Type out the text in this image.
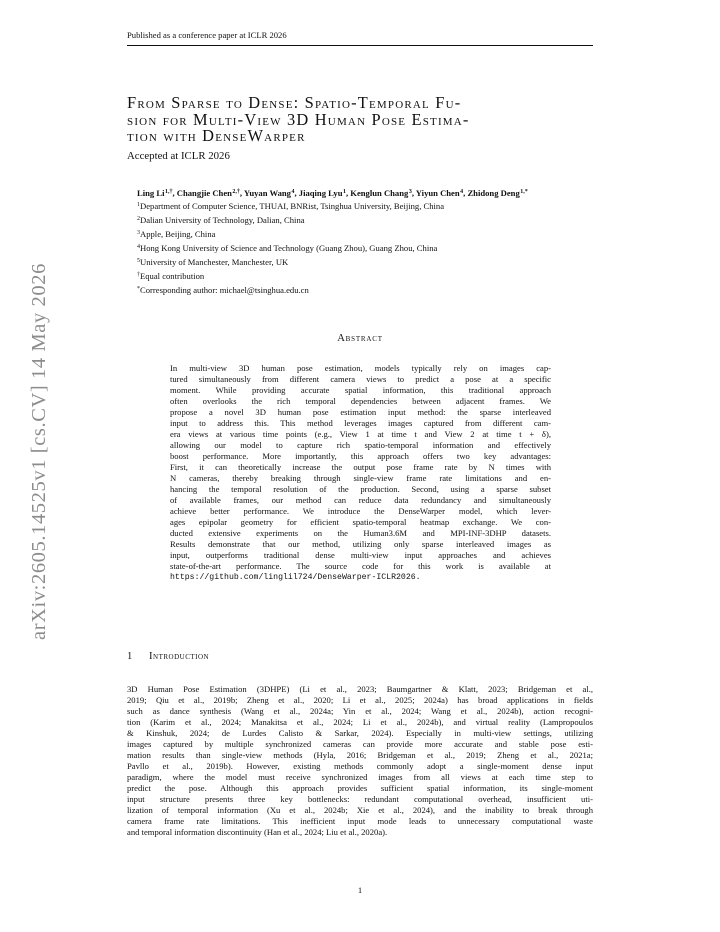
Published as a conference paper at ICLR 2026
From Sparse to Dense: Spatio-Temporal Fu-
sion for Multi-View 3D Human Pose Estima-
tion with DenseWarper
Accepted at ICLR 2026
Ling $Li^{1,\dagger}$, Changjie Chen$^{2,\dagger}$, Yuyan Wang$^4$, Jiaqing Lyu$^1$, Kenglun Chang$^3$, Yiyun Chen$^4$, Zhidong Deng$^{1,*}$
$^1$Department of Computer Science, THUAI, BNRist, Tsinghua University, Beijing, China
$^2$Dalian University of Technology, Dalian, China
$^3$Apple, Beijing, China
$^4$Hong Kong University of Science and Technology (Guang Zhou), Guang Zhou, China
$^5$University of Manchester, Manchester, UK
†Equal contribution
*Corresponding author: michael@tsinghua.edu.cn
Abstract
In multi-view 3D human pose estimation, models typically rely on images cap-
tured simultaneously from different camera views to predict a pose at a specific
moment. While providing accurate spatial information, this traditional approach
often overlooks the rich temporal dependencies between adjacent frames. We
propose a novel 3D human pose estimation input method: the sparse interleaved
input to address this. This method leverages images captured from different cam-
era views at various time points (e.g., View 1 at time t and View 2 at time t + δ),
allowing our model to capture rich spatio-temporal information and effectively
boost performance. More importantly, this approach offers two key advantages:
First, it can theoretically increase the output pose frame rate by N times with
N cameras, thereby breaking through single-view frame rate limitations and en-
hancing the temporal resolution of the production. Second, using a sparse subset
of available frames, our method can reduce data redundancy and simultaneously
achieve better performance. We introduce the DenseWarper model, which lever-
ages epipolar geometry for efficient spatio-temporal heatmap exchange. We con-
ducted extensive experiments on the Human3.6M and MPI-INF-3DHP datasets.
Results demonstrate that our method, utilizing only sparse interleaved images as
input, outperforms traditional dense multi-view input approaches and achieves
state-of-the-art performance. The source code for this work is available at
https://github.com/linglil724/DenseWarper-ICLR2026.
arXiv:2605.14525v1 [cs.CV] 14 May 2026
1 Introduction
3D Human Pose Estimation (3DHPE) (Li et al., 2023; Baumgartner & Klatt, 2023; Bridgeman et al.,
2019; Qiu et al., 2019b; Zheng et al., 2020; Li et al., 2025; 2024a) has broad applications in fields
such as dance synthesis (Wang et al., 2024a; Yin et al., 2024; Wang et al., 2024b), action recogni-
tion (Karim et al., 2024; Manakitsa et al., 2024; Li et al., 2024b), and virtual reality (Lampropoulos
& Kinshuk, 2024; de Lurdes Calisto & Sarkar, 2024). Especially in multi-view settings, utilizing
images captured by multiple synchronized cameras can provide more accurate and stable pose esti-
mation results than single-view methods (Hyla, 2016; Bridgeman et al., 2019; Zheng et al., 2021a;
Pavllo et al., 2019b). However, existing methods commonly adopt a single-moment dense input
paradigm, where the model must receive synchronized images from all views at each time step to
predict the pose. Although this approach provides sufficient spatial information, its single-moment
input structure presents three key bottlenecks: redundant computational overhead, insufficient uti-
lization of temporal information (Xu et al., 2024b; Xie et al., 2024), and the inability to break through
camera frame rate limitations. This inefficient input mode leads to unnecessary computational waste
and temporal information discontinuity (Han et al., 2024; Liu et al., 2020a).
1
